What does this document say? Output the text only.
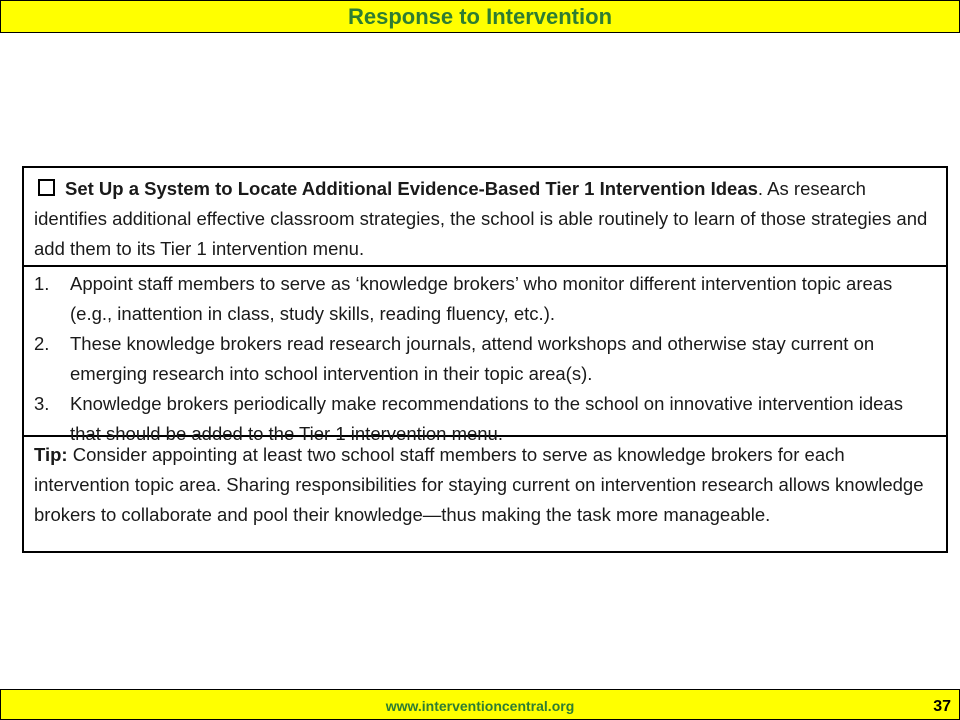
Response to Intervention
Set Up a System to Locate Additional Evidence-Based Tier 1 Intervention Ideas. As research identifies additional effective classroom strategies, the school is able routinely to learn of those strategies and add them to its Tier 1 intervention menu.
1.	Appoint staff members to serve as ‘knowledge brokers’ who monitor different intervention topic areas (e.g., inattention in class, study skills, reading fluency, etc.).
2.	These knowledge brokers read research journals, attend workshops and otherwise stay current on emerging research into school intervention in their topic area(s).
3.	Knowledge brokers periodically make recommendations to the school on innovative intervention ideas that should be added to the Tier 1 intervention menu.
Tip: Consider appointing at least two school staff members to serve as knowledge brokers for each intervention topic area. Sharing responsibilities for staying current on intervention research allows knowledge brokers to collaborate and pool their knowledge—thus making the task more manageable.
www.interventioncentral.org	37
